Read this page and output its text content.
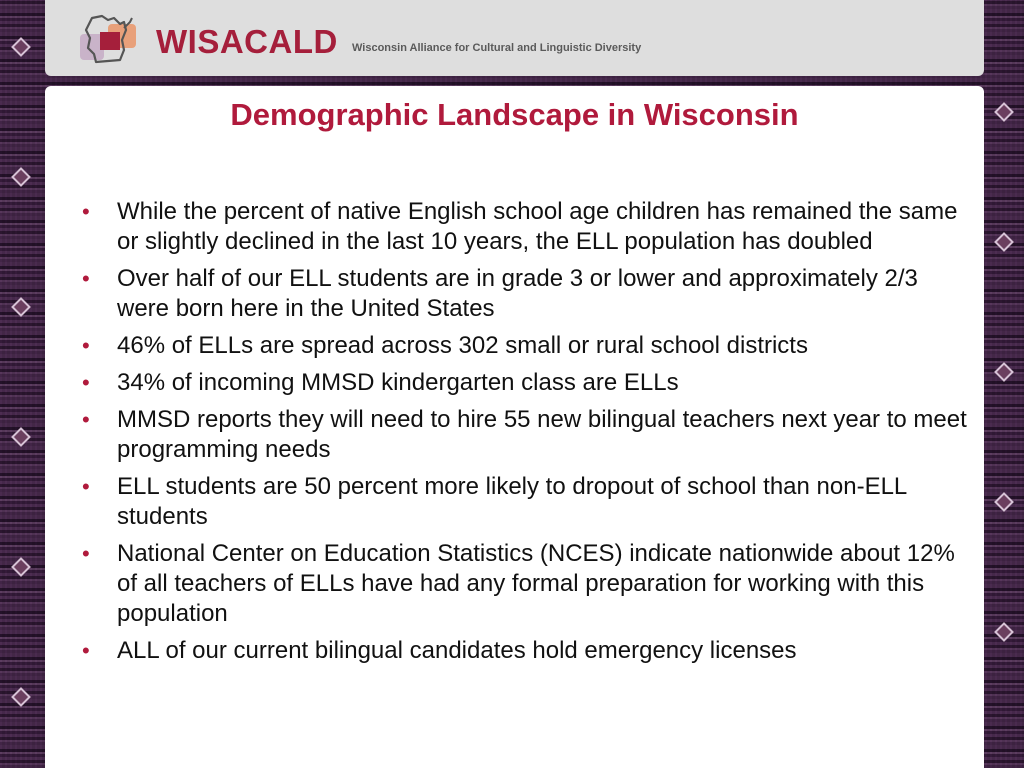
WISACALD Wisconsin Alliance for Cultural and Linguistic Diversity
Demographic Landscape in Wisconsin
• While the percent of native English school age children has remained the same or slightly declined in the last 10 years, the ELL population has doubled
• Over half of our ELL students are in grade 3 or lower and approximately 2/3 were born here in the United States
• 46% of ELLs are spread across 302 small or rural school districts
• 34% of incoming MMSD kindergarten class are ELLs
• MMSD reports they will need to hire 55 new bilingual teachers next year to meet programming needs
• ELL students are 50 percent more likely to dropout of school than non-ELL students
• National Center on Education Statistics (NCES) indicate nationwide about 12% of all teachers of ELLs have had any formal preparation for working with this population
• ALL of our current bilingual candidates hold emergency licenses
